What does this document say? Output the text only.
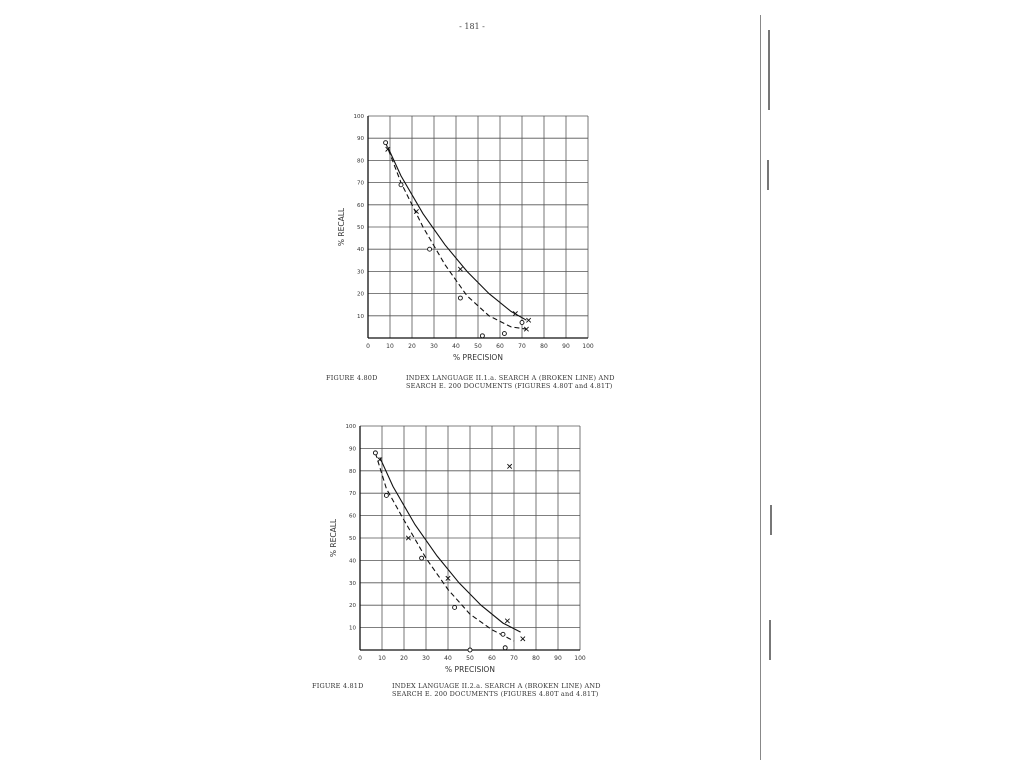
- 181 -
0	10 20 30 40 50 60 70 80 90 100
10
20
30
40
50
60
70
80
90
100
% PRECISION
% RECALL
FIGURE 4.80D	INDEX LANGUAGE II.1.a. SEARCH A (BROKEN LINE) AND SEARCH E. 200 DOCUMENTS (FIGURES 4.80T and 4.81T)
0	10 20 30 40 50 60 70 80 90 100
10
20
30
40
50
60
70
80
90
100
% PRECISION
% RECALL
FIGURE 4.81D	INDEX LANGUAGE II.2.a. SEARCH A (BROKEN LINE) AND SEARCH E. 200 DOCUMENTS (FIGURES 4.80T and 4.81T)
